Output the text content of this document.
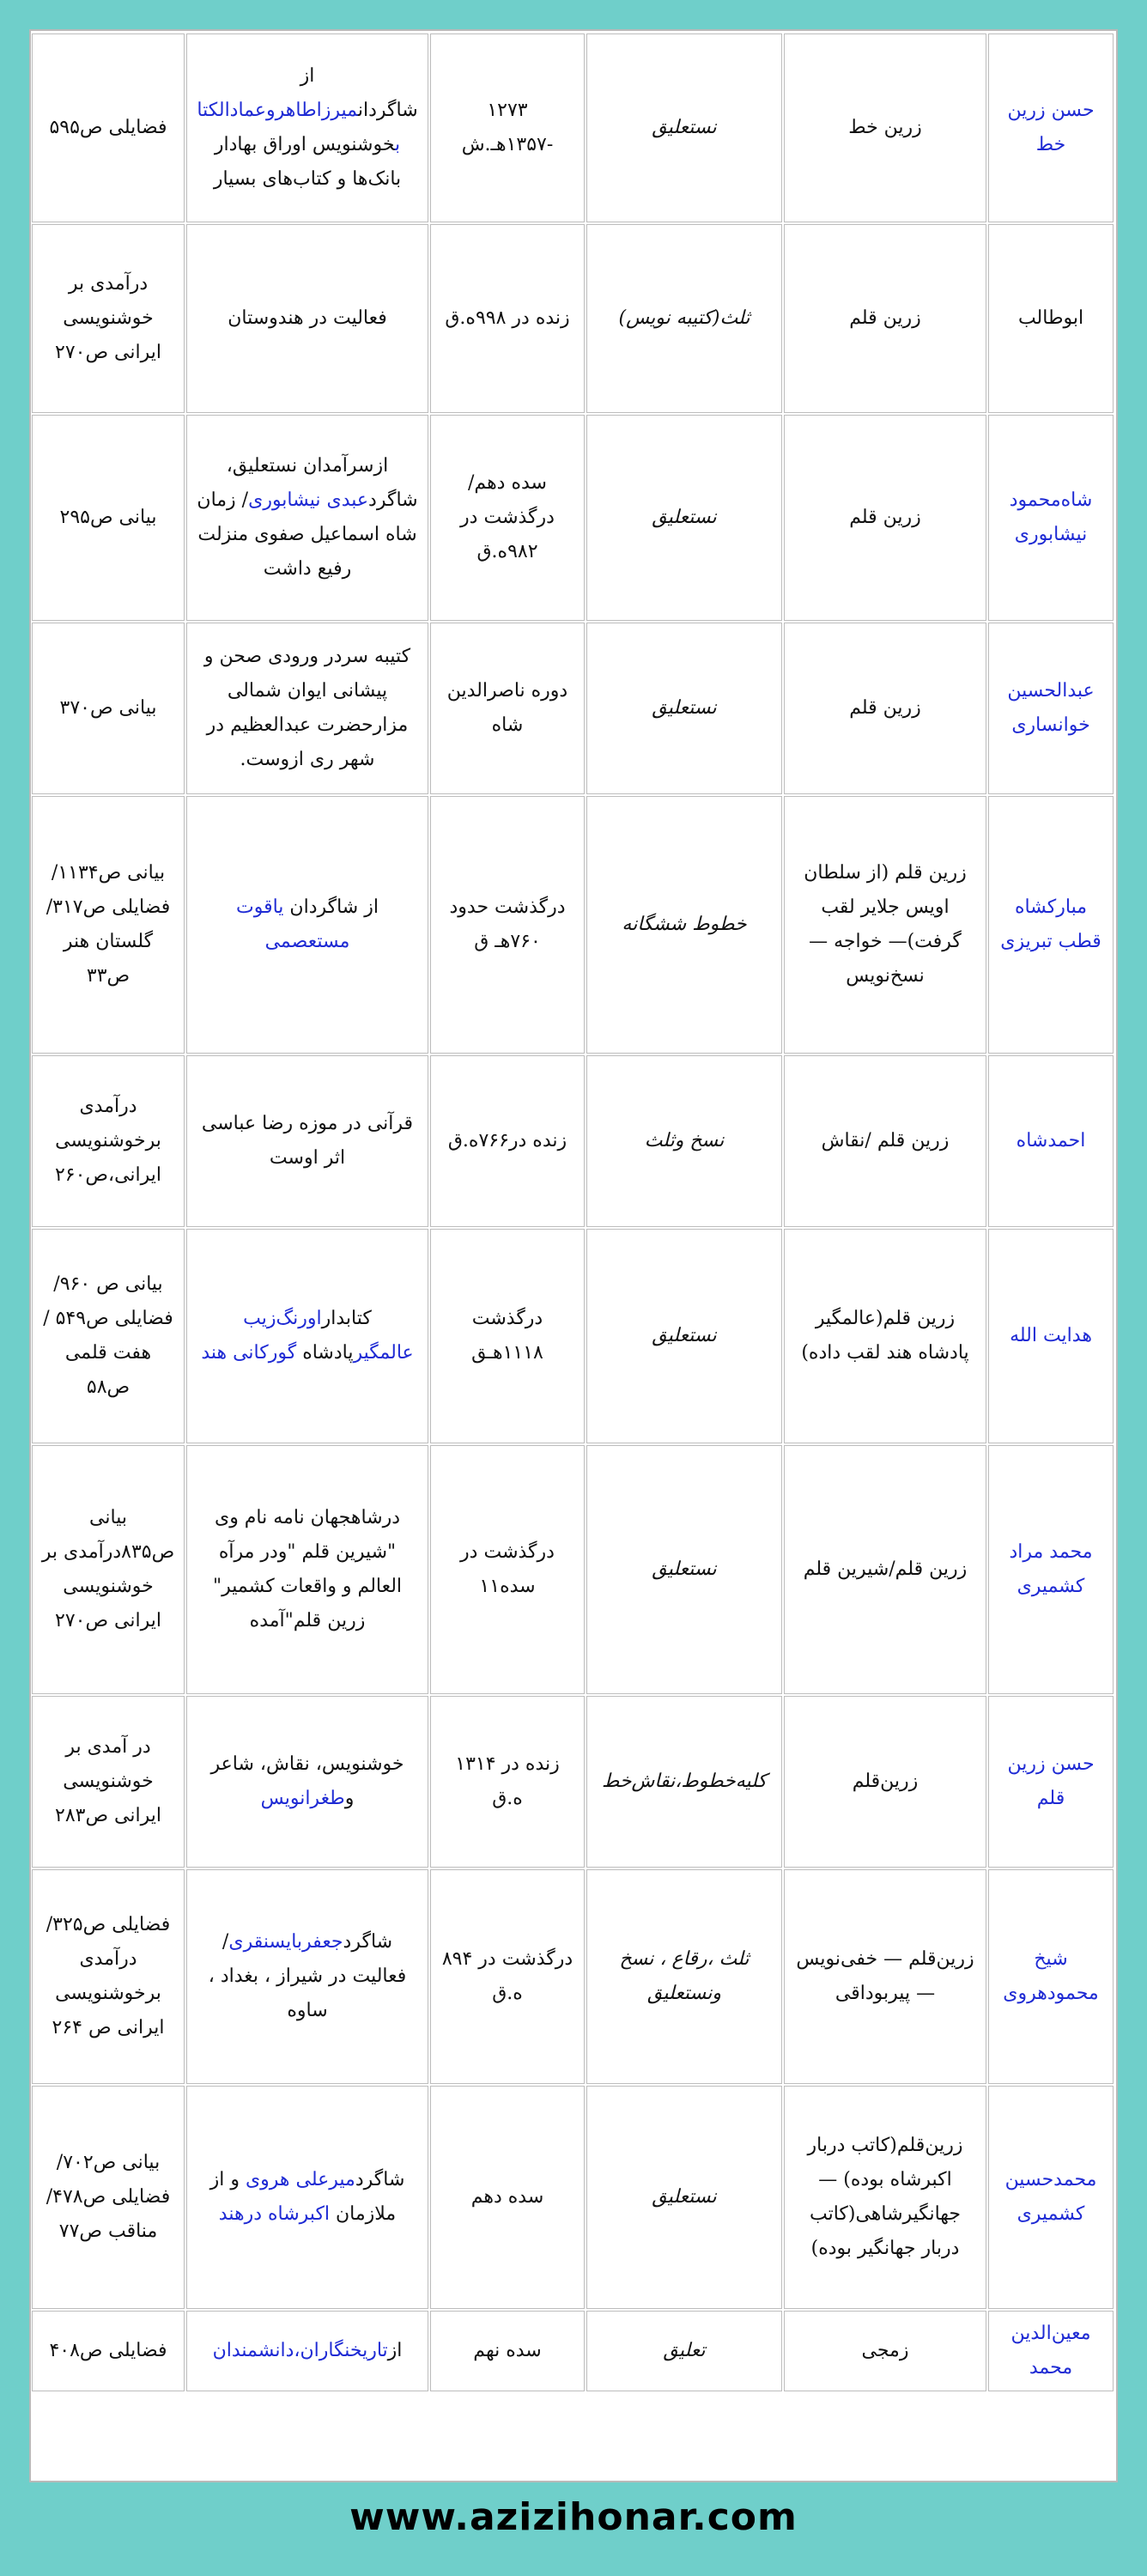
حسن زرین خط	زرین خط	نستعلیق	۱۲۷۳ -۱۳۵۷هـ.ش	از شاگردانمیرزاطاهروعمادالکتابخوشنویس اوراق بهادار بانک‌ها و کتاب‌های بسیار	فضایلی ص۵۹۵
ابوطالب	زرین قلم	ثلث(کتیبه نویس)	زنده در ۹۹۸ه.ق	فعالیت در هندوستان	درآمدی بر خوشنویسی ایرانی ص۲۷۰
شاه‌محمود نیشابوری	زرین قلم	نستعلیق	سده دهم/درگذشت در ۹۸۲ه.ق	ازسرآمدان نستعلیق، شاگردعبدی نیشابوری/ زمان شاه اسماعیل صفوی منزلت رفیع داشت	بیانی ص۲۹۵
عبدالحسین خوانساری	زرین قلم	نستعلیق	دوره ناصرالدین شاه	کتیبه سردر ورودی صحن و پیشانی ایوان شمالی مزارحضرت عبدالعظیم در شهر ری ازوست.	بیانی ص۳۷۰
مبارکشاه قطب تبریزی	زرین قلم (از سلطان اویس جلایر لقب گرفت)— خواجه —نسخ‌نویس	خطوط ششگانه	درگذشت حدود ۷۶۰هـ ق	از شاگردان یاقوت مستعصمی	بیانی ص۱۱۳۴/ فضایلی ص۳۱۷/ گلستان هنر ص۳۳
احمدشاه	زرین قلم /نقاش	نسخ وثلث	زنده در۷۶۶ه.ق	قرآنی در موزه رضا عباسی اثر اوست	درآمدی برخوشنویسی ایرانی،ص۲۶۰
هدایت الله	زرین قلم(عالمگیر پادشاه هند لقب داده)	نستعلیق	درگذشت ۱۱۱۸هـق	کتابداراورنگ‌زیب عالمگیرپادشاه گورکانی هند	بیانی ص ۹۶۰/ فضایلی ص۵۴۹ / هفت قلمی ص۵۸
محمد مراد کشمیری	زرین قلم/شیرین قلم	نستعلیق	درگذشت در سده۱۱	درشاهجهان نامه نام وی "شیرین قلم "ودر مرآه العالم و واقعات کشمیر" زرین قلم"آمده	بیانی ص۸۳۵درآمدی بر خوشنویسی ایرانی ص۲۷۰
حسن زرین قلم	زرین‌قلم	کلیه‌خطوط،نقاش‌خط	زنده در ۱۳۱۴ ه.ق	خوشنویس، نقاش، شاعر وطغرانویس	در آمدی بر خوشنویسی ایرانی ص۲۸۳
شیخ محمودهروی	زرین‌قلم — خفی‌نویس— پیربوداقی	ثلث ،رقاع ، نسخ ونستعلیق	درگذشت در ۸۹۴ ه.ق	شاگردجعفربایسنقری/ فعالیت در شیراز ، بغداد ، ساوه	فضایلی ص۳۲۵/ درآمدی برخوشنویسی ایرانی ص ۲۶۴
محمدحسین کشمیری	زرین‌قلم(کاتب دربار اکبرشاه بوده) — جهانگیرشاهی(کاتب دربار جهانگیر بوده)	نستعلیق	سده دهم	شاگردمیرعلی هروی و از ملازمان اکبرشاه درهند	بیانی ص۷۰۲/ فضایلی ص۴۷۸/ مناقب ص۷۷
معین‌الدین محمد	زمجی	تعلیق	سده نهم	ازتاریخنگاران،دانشمندان	فضایلی ص۴۰۸
www.azizihonar.com
